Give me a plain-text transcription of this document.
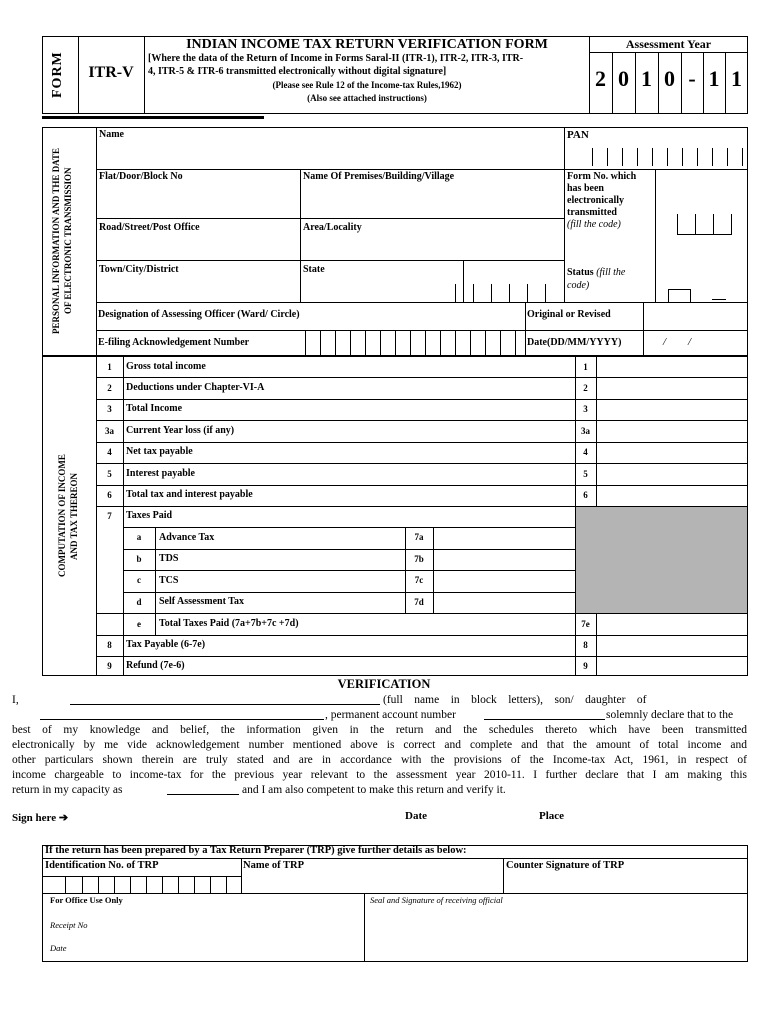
FORM	ITR-V
INDIAN INCOME TAX RETURN VERIFICATION FORM
[Where the data of the Return of Income in Forms Saral-II (ITR-1), ITR-2, ITR-3, ITR-
4, ITR-5 & ITR-6 transmitted electronically without digital signature]
(Please see Rule 12 of the Income-tax Rules,1962)
(Also see attached instructions)
Assessment Year
2 0 1 0 - 1 1
PERSONAL INFORMATION AND THE DATE OF ELECTRONIC TRANSMISSION
Name	PAN
Flat/Door/Block No	Name Of Premises/Building/Village	Form No. which
has been
electronically
transmitted
(fill the code)
Road/Street/Post Office	Area/Locality
Town/City/District	State	Status (fill the
code)
Designation of Assessing Officer (Ward/ Circle)	Original or Revised
E-filing Acknowledgement Number	Date(DD/MM/YYYY)	/        /
COMPUTATION OF INCOME AND TAX THEREON
1	Gross total income	1
2	Deductions under Chapter-VI-A	2
3	Total Income	3
3a	Current Year loss (if any)	3a
4	Net tax payable	4
5	Interest payable	5
6	Total tax and interest payable	6
7	Taxes Paid
a	Advance Tax	7a
b	TDS	7b
c	TCS	7c
d	Self Assessment Tax	7d
e	Total Taxes Paid (7a+7b+7c +7d)	7e
8	Tax Payable (6-7e)	8
9	Refund (7e-6)	9
VERIFICATION
I,	(full    name    in    block    letters),    son/    daughter    of
, permanent account number	solemnly declare that to the
best of my knowledge and belief, the information given in the return and the schedules thereto which have been transmitted
electronically by me vide acknowledgement number mentioned above is correct and complete and that the amount of total income and
other particulars shown therein are truly stated and are in accordance with the provisions of the Income-tax Act, 1961, in respect of
income chargeable to income-tax for the previous year relevant to the assessment year 2010-11. I further declare that I am making this
return in my capacity as	and I am also competent to make this return and verify it.
Sign here ➔	Date	Place
If the return has been prepared by a Tax Return Preparer (TRP) give further details as below:
Identification No. of TRP	Name of TRP	Counter Signature of TRP
For Office Use Only
Receipt No
Date
Seal and Signature of receiving official
